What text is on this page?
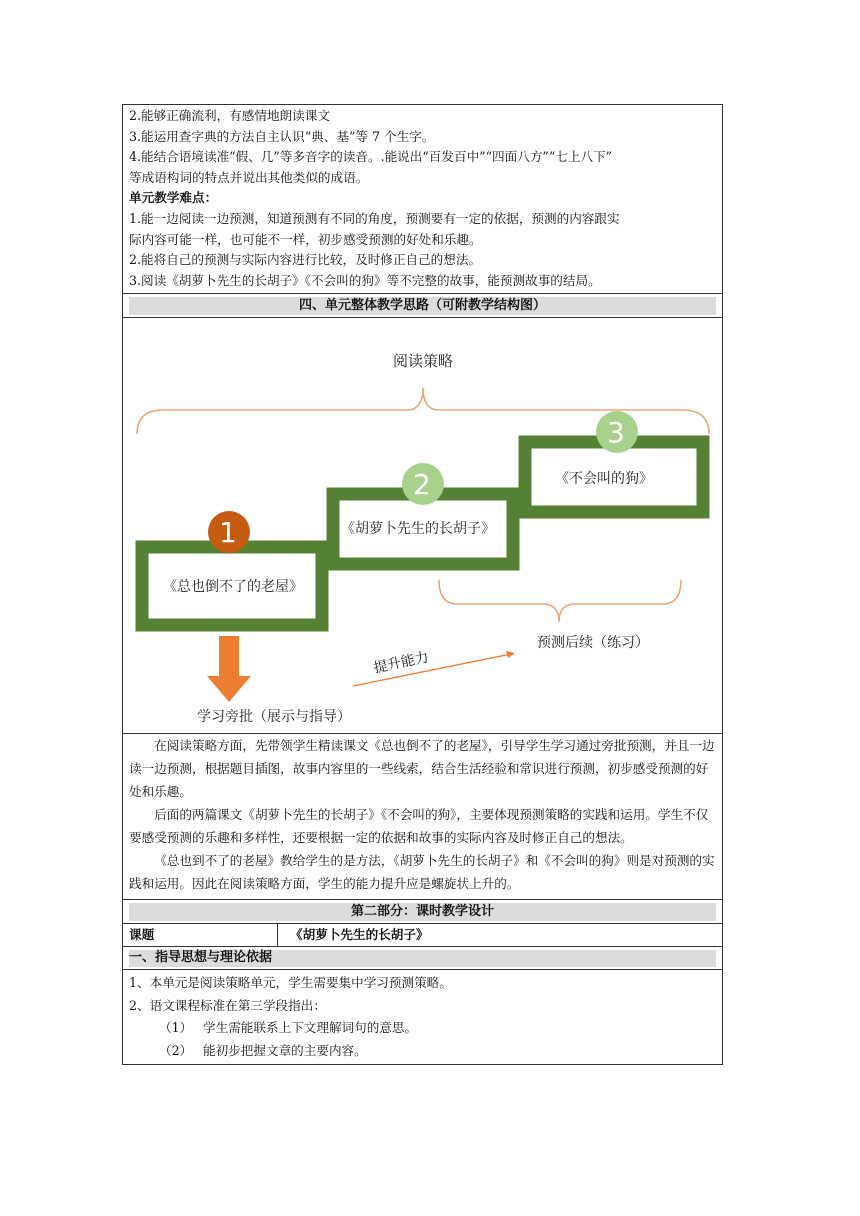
2.能够正确流利，有感情地朗读课文

3.能运用查字典的方法自主认识“典、基”等 7 个生字。

4.能结合语境读准“假、几”等多音字的读音。.能说出“百发百中”“四面八方”“七上八下”

等成语构词的特点并说出其他类似的成语。

单元教学难点：

1.能一边阅读一边预测，知道预测有不同的角度，预测要有一定的依据，预测的内容跟实

际内容可能一样，也可能不一样，初步感受预测的好处和乐趣。

2.能将自己的预测与实际内容进行比较，及时修正自己的想法。

3.阅读《胡萝卜先生的长胡子》《不会叫的狗》等不完整的故事，能预测故事的结局。

四、单元整体教学思路（可附教学结构图）
阅读策略
1
2
3
《总也倒不了的老屋》
《胡萝卜先生的长胡子》
《不会叫的狗》
提升能力
预测后续（练习）
学习旁批（展示与指导）

在阅读策略方面，先带领学生精读课文《总也倒不了的老屋》，引导学生学习通过旁批预测，并且一边读一边预测，根据题目插图，故事内容里的一些线索，结合生活经验和常识进行预测，初步感受预测的好处和乐趣。

后面的两篇课文《胡萝卜先生的长胡子》《不会叫的狗》，主要体现预测策略的实践和运用。学生不仅要感受预测的乐趣和多样性，还要根据一定的依据和故事的实际内容及时修正自己的想法。

《总也到不了的老屋》教给学生的是方法，《胡萝卜先生的长胡子》和《不会叫的狗》则是对预测的实践和运用。因此在阅读策略方面，学生的能力提升应是螺旋状上升的。

第二部分：课时教学设计
课题	《胡萝卜先生的长胡子》
一、指导思想与理论依据

1、本单元是阅读策略单元，学生需要集中学习预测策略。

2、语文课程标准在第三学段指出：

（1） 学生需能联系上下文理解词句的意思。

（2） 能初步把握文章的主要内容。
